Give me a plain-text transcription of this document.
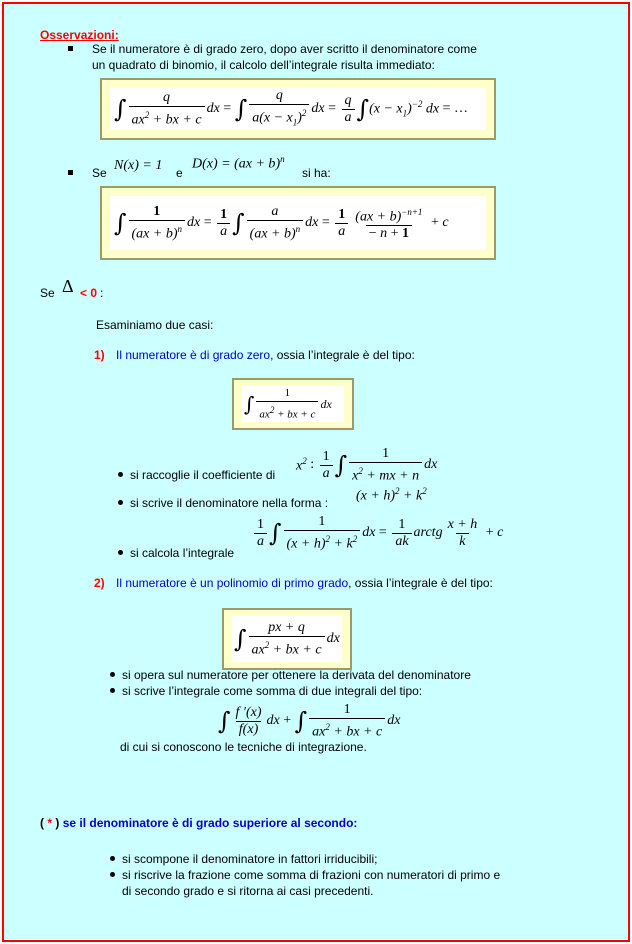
Osservazioni:
Se il numeratore è di grado zero, dopo aver scritto il denominatore come
un quadrato di binomio, il calcolo dell’integrale risulta immediato:
∫ $\frac{q}{ax^2 + bx + c}$ dx = ∫ $\frac{q}{a(x - x_1)^2}$ dx = $\frac{q}{a}$ ∫ $(x - x_1)^{-2}$ dx = …
Se N(x) = 1 e
D(x) = (ax + b)$^n$
si ha:
∫ $\frac{1}{(ax + b)^n}$ dx = $\frac{1}{a}$ ∫ $\frac{a}{(ax + b)^n}$ dx = $\frac{1}{a} \frac{(ax + b)^{-n+1}}{- n + 1} + c$
Se Δ < 0 :
Esaminiamo due casi:
1) Il numeratore è di grado zero, ossia l’integrale è del tipo:
∫ $\frac{1}{ax^2 + bx + c}$ dx
si raccoglie il coefficiente di
$x^2$ : $\frac{1}{a}$ ∫ $\frac{1}{x^2 + mx + n}$ dx
si scrive il denominatore nella forma : $(x + h)^2 + k^2$
si calcola l’integrale
$\frac{1}{a}$ ∫ $\frac{1}{(x + h)^2 + k^2}$ dx = $\frac{1}{ak}$ arctg $\frac{x + h}{k} + c$
2) Il numeratore è un polinomio di primo grado, ossia l’integrale è del tipo:
∫ $\frac{px + q}{ax^2 + bx + c}$ dx
si opera sul numeratore per ottenere la derivata del denominatore
si scrive l’integrale come somma di due integrali del tipo:
∫ $\frac{f '(x)}{f(x)}$ dx + ∫ $\frac{1}{ax^2 + bx + c}$ dx
di cui si conoscono le tecniche di integrazione.
( * ) se il denominatore è di grado superiore al secondo:
si scompone il denominatore in fattori irriducibili;
si riscrive la frazione come somma di frazioni con numeratori di primo e
di secondo grado e si ritorna ai casi precedenti.
